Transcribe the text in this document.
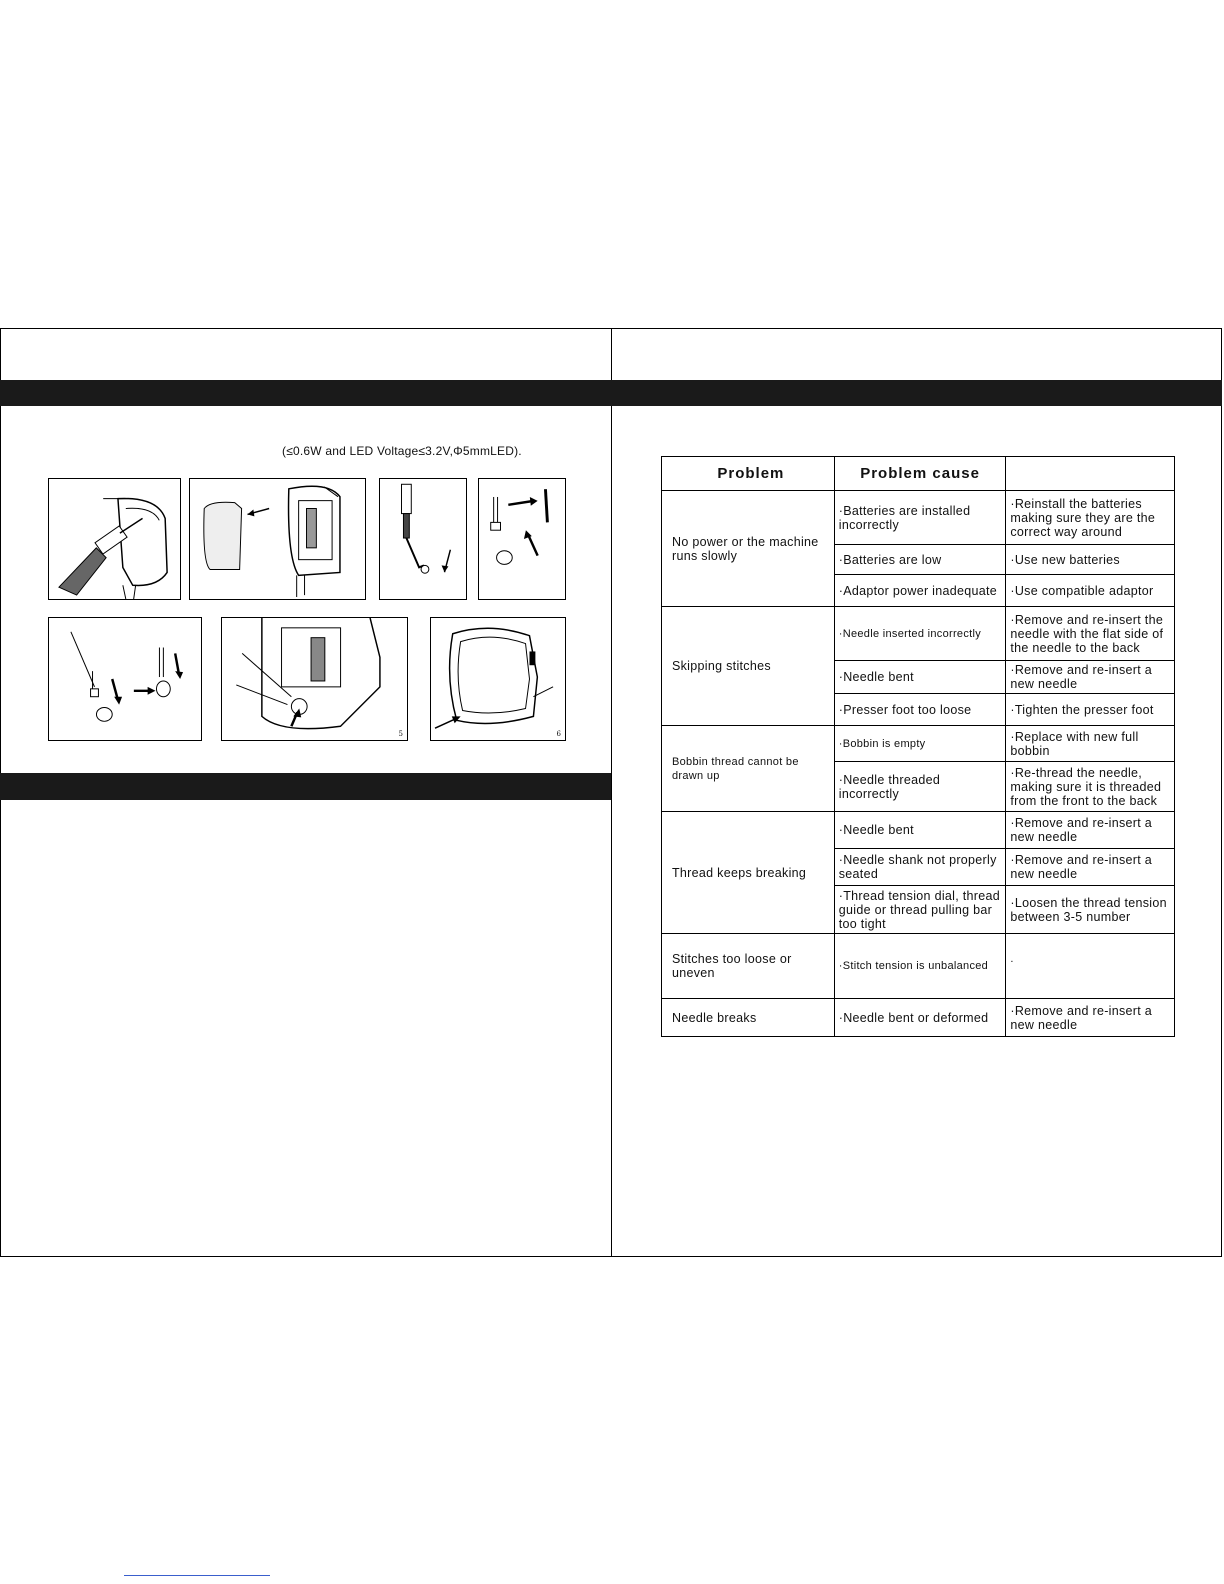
(≤0.6W and LED Voltage≤3.2V,Φ5mmLED).
5	6
Problem	Problem cause	
No power or the machine runs slowly	·Batteries are installed incorrectly	·Reinstall the batteries making sure they are the correct way around
	·Batteries are low	·Use new batteries
	·Adaptor power inadequate	·Use compatible adaptor
Skipping stitches	·Needle inserted incorrectly	·Remove and re-insert the needle with the flat side of the needle to the back
	·Needle bent	·Remove and re-insert a new needle
	·Presser foot too loose	·Tighten the presser foot
Bobbin thread cannot be drawn up	·Bobbin is empty	·Replace with new full bobbin
	·Needle threaded incorrectly	·Re-thread the needle, making sure it is threaded from the front to the back
Thread keeps breaking	·Needle bent	·Remove and re-insert a new needle
	·Needle shank not properly seated	·Remove and re-insert a new needle
	·Thread tension dial, thread guide or thread pulling bar too tight	·Loosen the thread tension between 3-5 number
Stitches too loose or uneven	·Stitch tension is unbalanced	.
Needle breaks	·Needle bent or deformed	·Remove and re-insert a new needle
